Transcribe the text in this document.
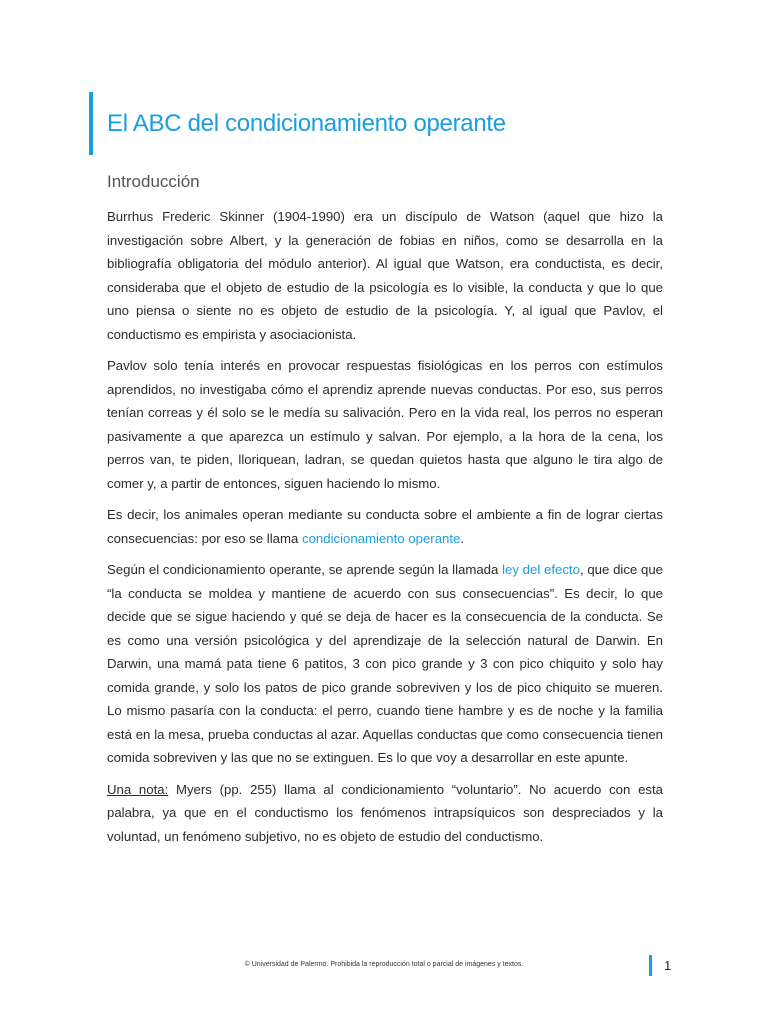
El ABC del condicionamiento operante
Introducción

Burrhus Frederic Skinner (1904-1990) era un discípulo de Watson (aquel que hizo la investigación sobre Albert, y la generación de fobias en niños, como se desarrolla en la bibliografía obligatoria del módulo anterior). Al igual que Watson, era conductista, es decir, consideraba que el objeto de estudio de la psicología es lo visible, la conducta y que lo que uno piensa o siente no es objeto de estudio de la psicología. Y, al igual que Pavlov, el conductismo es empirista y asociacionista.

Pavlov solo tenía interés en provocar respuestas fisiológicas en los perros con estímulos aprendidos, no investigaba cómo el aprendiz aprende nuevas conductas. Por eso, sus perros tenían correas y él solo se le medía su salivación. Pero en la vida real, los perros no esperan pasivamente a que aparezca un estímulo y salvan. Por ejemplo, a la hora de la cena, los perros van, te piden, lloriquean, ladran, se quedan quietos hasta que alguno le tira algo de comer y, a partir de entonces, siguen haciendo lo mismo.

Es decir, los animales operan mediante su conducta sobre el ambiente a fin de lograr ciertas consecuencias: por eso se llama condicionamiento operante.

Según el condicionamiento operante, se aprende según la llamada ley del efecto, que dice que “la conducta se moldea y mantiene de acuerdo con sus consecuencias”. Es decir, lo que decide que se sigue haciendo y qué se deja de hacer es la consecuencia de la conducta. Se es como una versión psicológica y del aprendizaje de la selección natural de Darwin. En Darwin, una mamá pata tiene 6 patitos, 3 con pico grande y 3 con pico chiquito y solo hay comida grande, y solo los patos de pico grande sobreviven y los de pico chiquito se mueren. Lo mismo pasaría con la conducta: el perro, cuando tiene hambre y es de noche y la familia está en la mesa, prueba conductas al azar. Aquellas conductas que como consecuencia tienen comida sobreviven y las que no se extinguen. Es lo que voy a desarrollar en este apunte.

Una nota: Myers (pp. 255) llama al condicionamiento “voluntario”. No acuerdo con esta palabra, ya que en el conductismo los fenómenos intrapsíquicos son despreciados y la voluntad, un fenómeno subjetivo, no es objeto de estudio del conductismo.

© Universidad de Palermo. Prohibida la reproducción total o parcial de imágenes y textos.	1
